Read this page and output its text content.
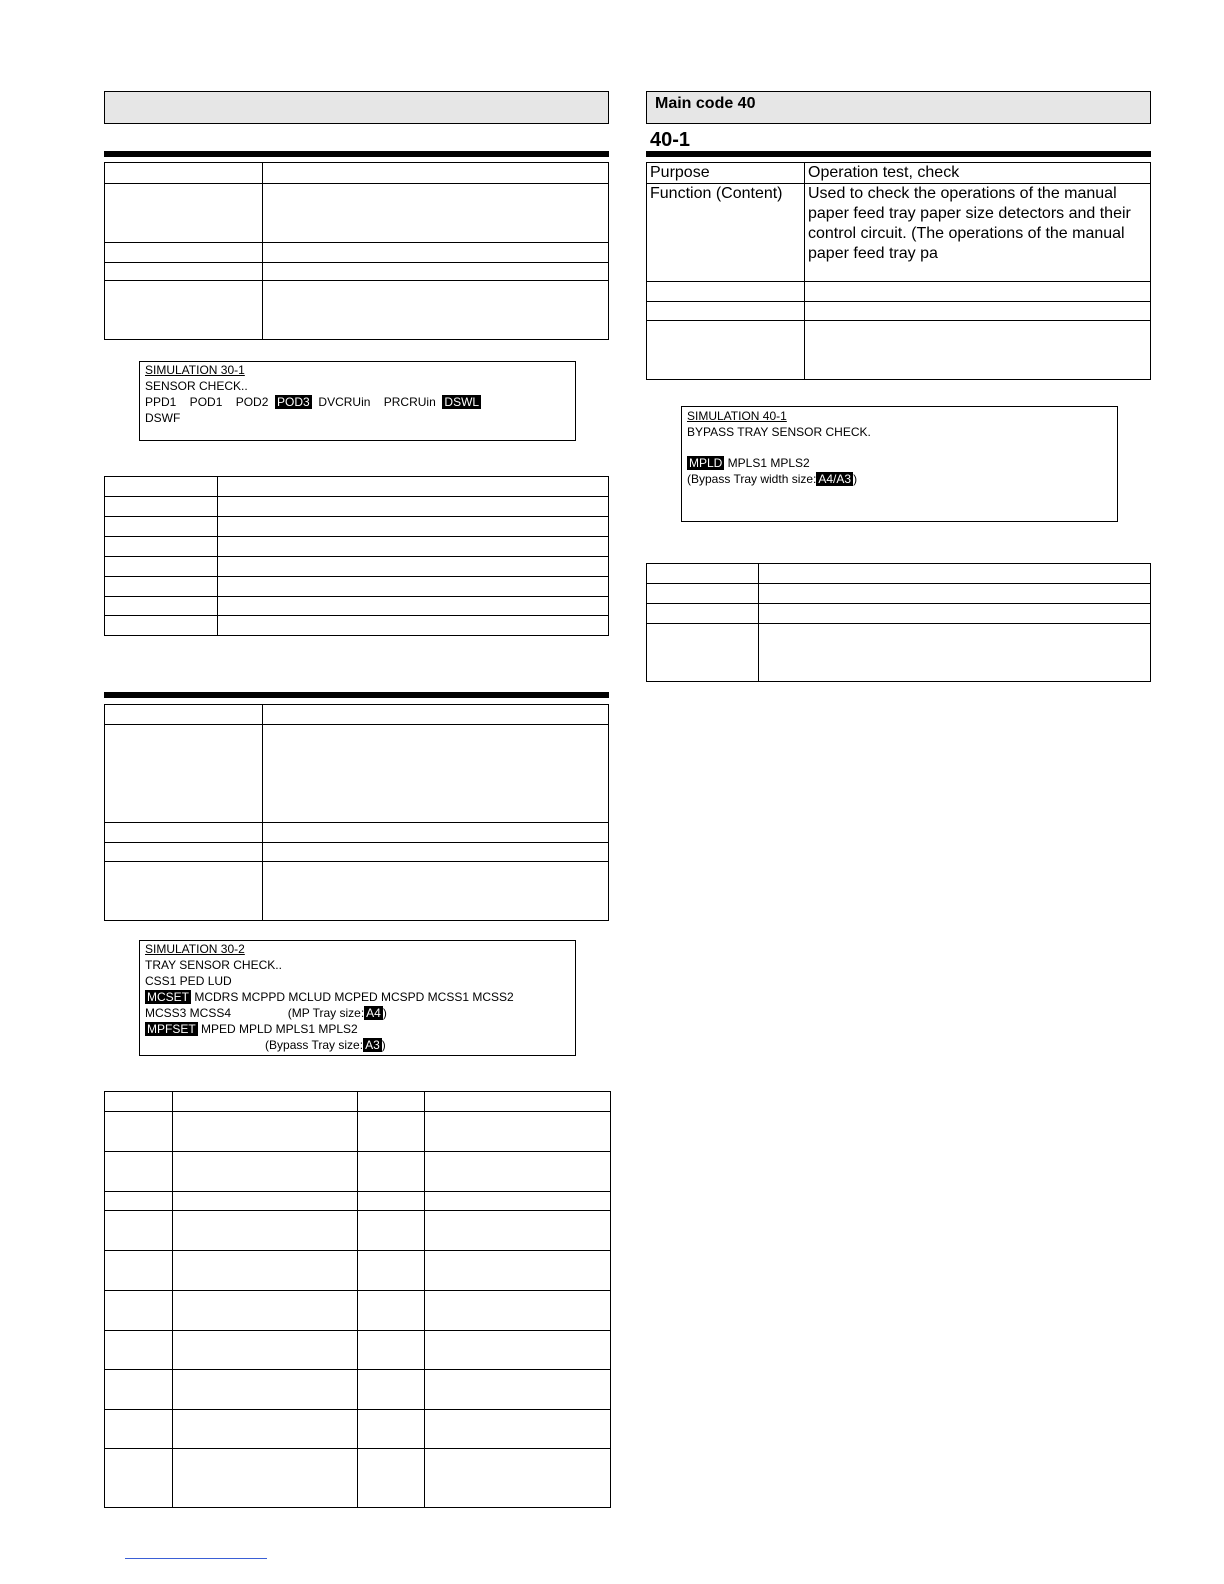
SIMULATION 30-1
SENSOR CHECK..
PPD1    POD1    POD2  POD3  DVCRUin    PRCRUin  DSWL
DSWF

SIMULATION 30-2
TRAY SENSOR CHECK..
CSS1 PED LUD
MCSET MCDRS MCPPD MCLUD MCPED MCSPD MCSS1 MCSS2
MCSS3 MCSS4                 (MP Tray size: A4 )
MPFSET MPED MPLD MPLS1 MPLS2
(Bypass Tray size: A3 )

Main code 40
40-1
Purpose	Operation test, check
Function (Content)	Used to check the operations of the manual paper feed tray paper size detectors and their control circuit. (The operations of the manual paper feed tray pa

SIMULATION 40-1
BYPASS TRAY SENSOR CHECK.
MPLD MPLS1 MPLS2
(Bypass Tray width size: A4/A3 )
